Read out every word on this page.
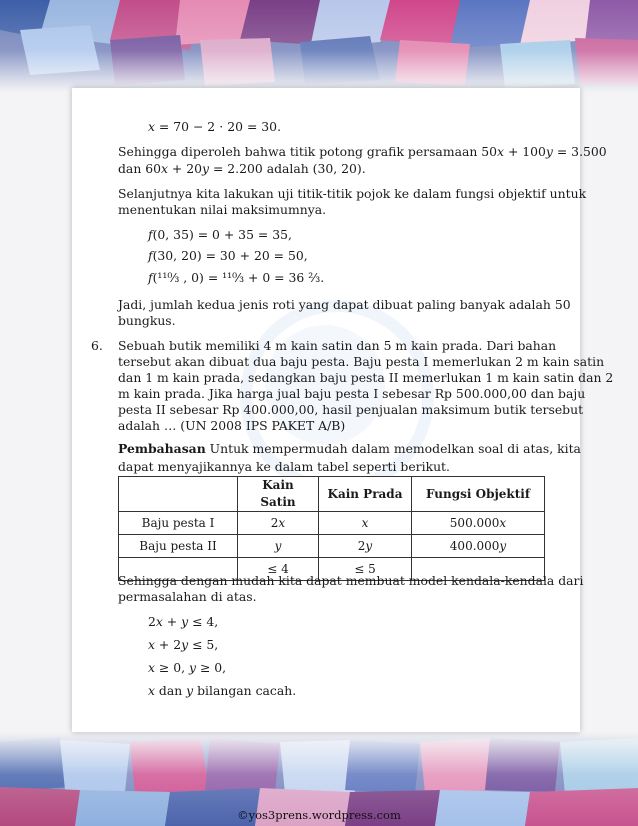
6.
Pembahasan Untuk mempermudah dalam memodelkan soal di atas, kita
	Kain Satin	Kain Prada	Fungsi Objektif
Baju pesta I	2𝑥	𝑥	500.000𝑥
Baju pesta II	𝑦	2𝑦	400.000𝑦
	≤ 4	≤ 5	
𝑥 = 70 − 2 ⋅ 20 = 30.
Sehingga diperoleh bahwa titik potong grafik persamaan 50𝑥 + 100𝑦 = 3.500
dan 60𝑥 + 20𝑦 = 2.200 adalah (30, 20).
Selanjutnya kita lakukan uji titik-titik pojok ke dalam fungsi objektif untuk
menentukan nilai maksimumnya.
𝑓(0, 35) = 0 + 35 = 35,
𝑓(30, 20) = 30 + 20 = 50,
𝑓(¹¹⁰⁄₃ , 0) = ¹¹⁰⁄₃ + 0 = 36 ²⁄₃.
Jadi, jumlah kedua jenis roti yang dapat dibuat paling banyak adalah 50
bungkus.
Sebuah butik memiliki 4 m kain satin dan 5 m kain prada. Dari bahan
tersebut akan dibuat dua baju pesta. Baju pesta I memerlukan 2 m kain satin
dan 1 m kain prada, sedangkan baju pesta II memerlukan 1 m kain satin dan 2
m kain prada. Jika harga jual baju pesta I sebesar Rp 500.000,00 dan baju
pesta II sebesar Rp 400.000,00, hasil penjualan maksimum butik tersebut
adalah … (UN 2008 IPS PAKET A/B)
dapat menyajikannya ke dalam tabel seperti berikut.
Sehingga dengan mudah kita dapat membuat model kendala-kendala dari
permasalahan di atas.
2𝑥 + 𝑦 ≤ 4,
𝑥 + 2𝑦 ≤ 5,
𝑥 ≥ 0, 𝑦 ≥ 0,
𝑥 dan 𝑦 bilangan cacah.
©yos3prens.wordpress.com
